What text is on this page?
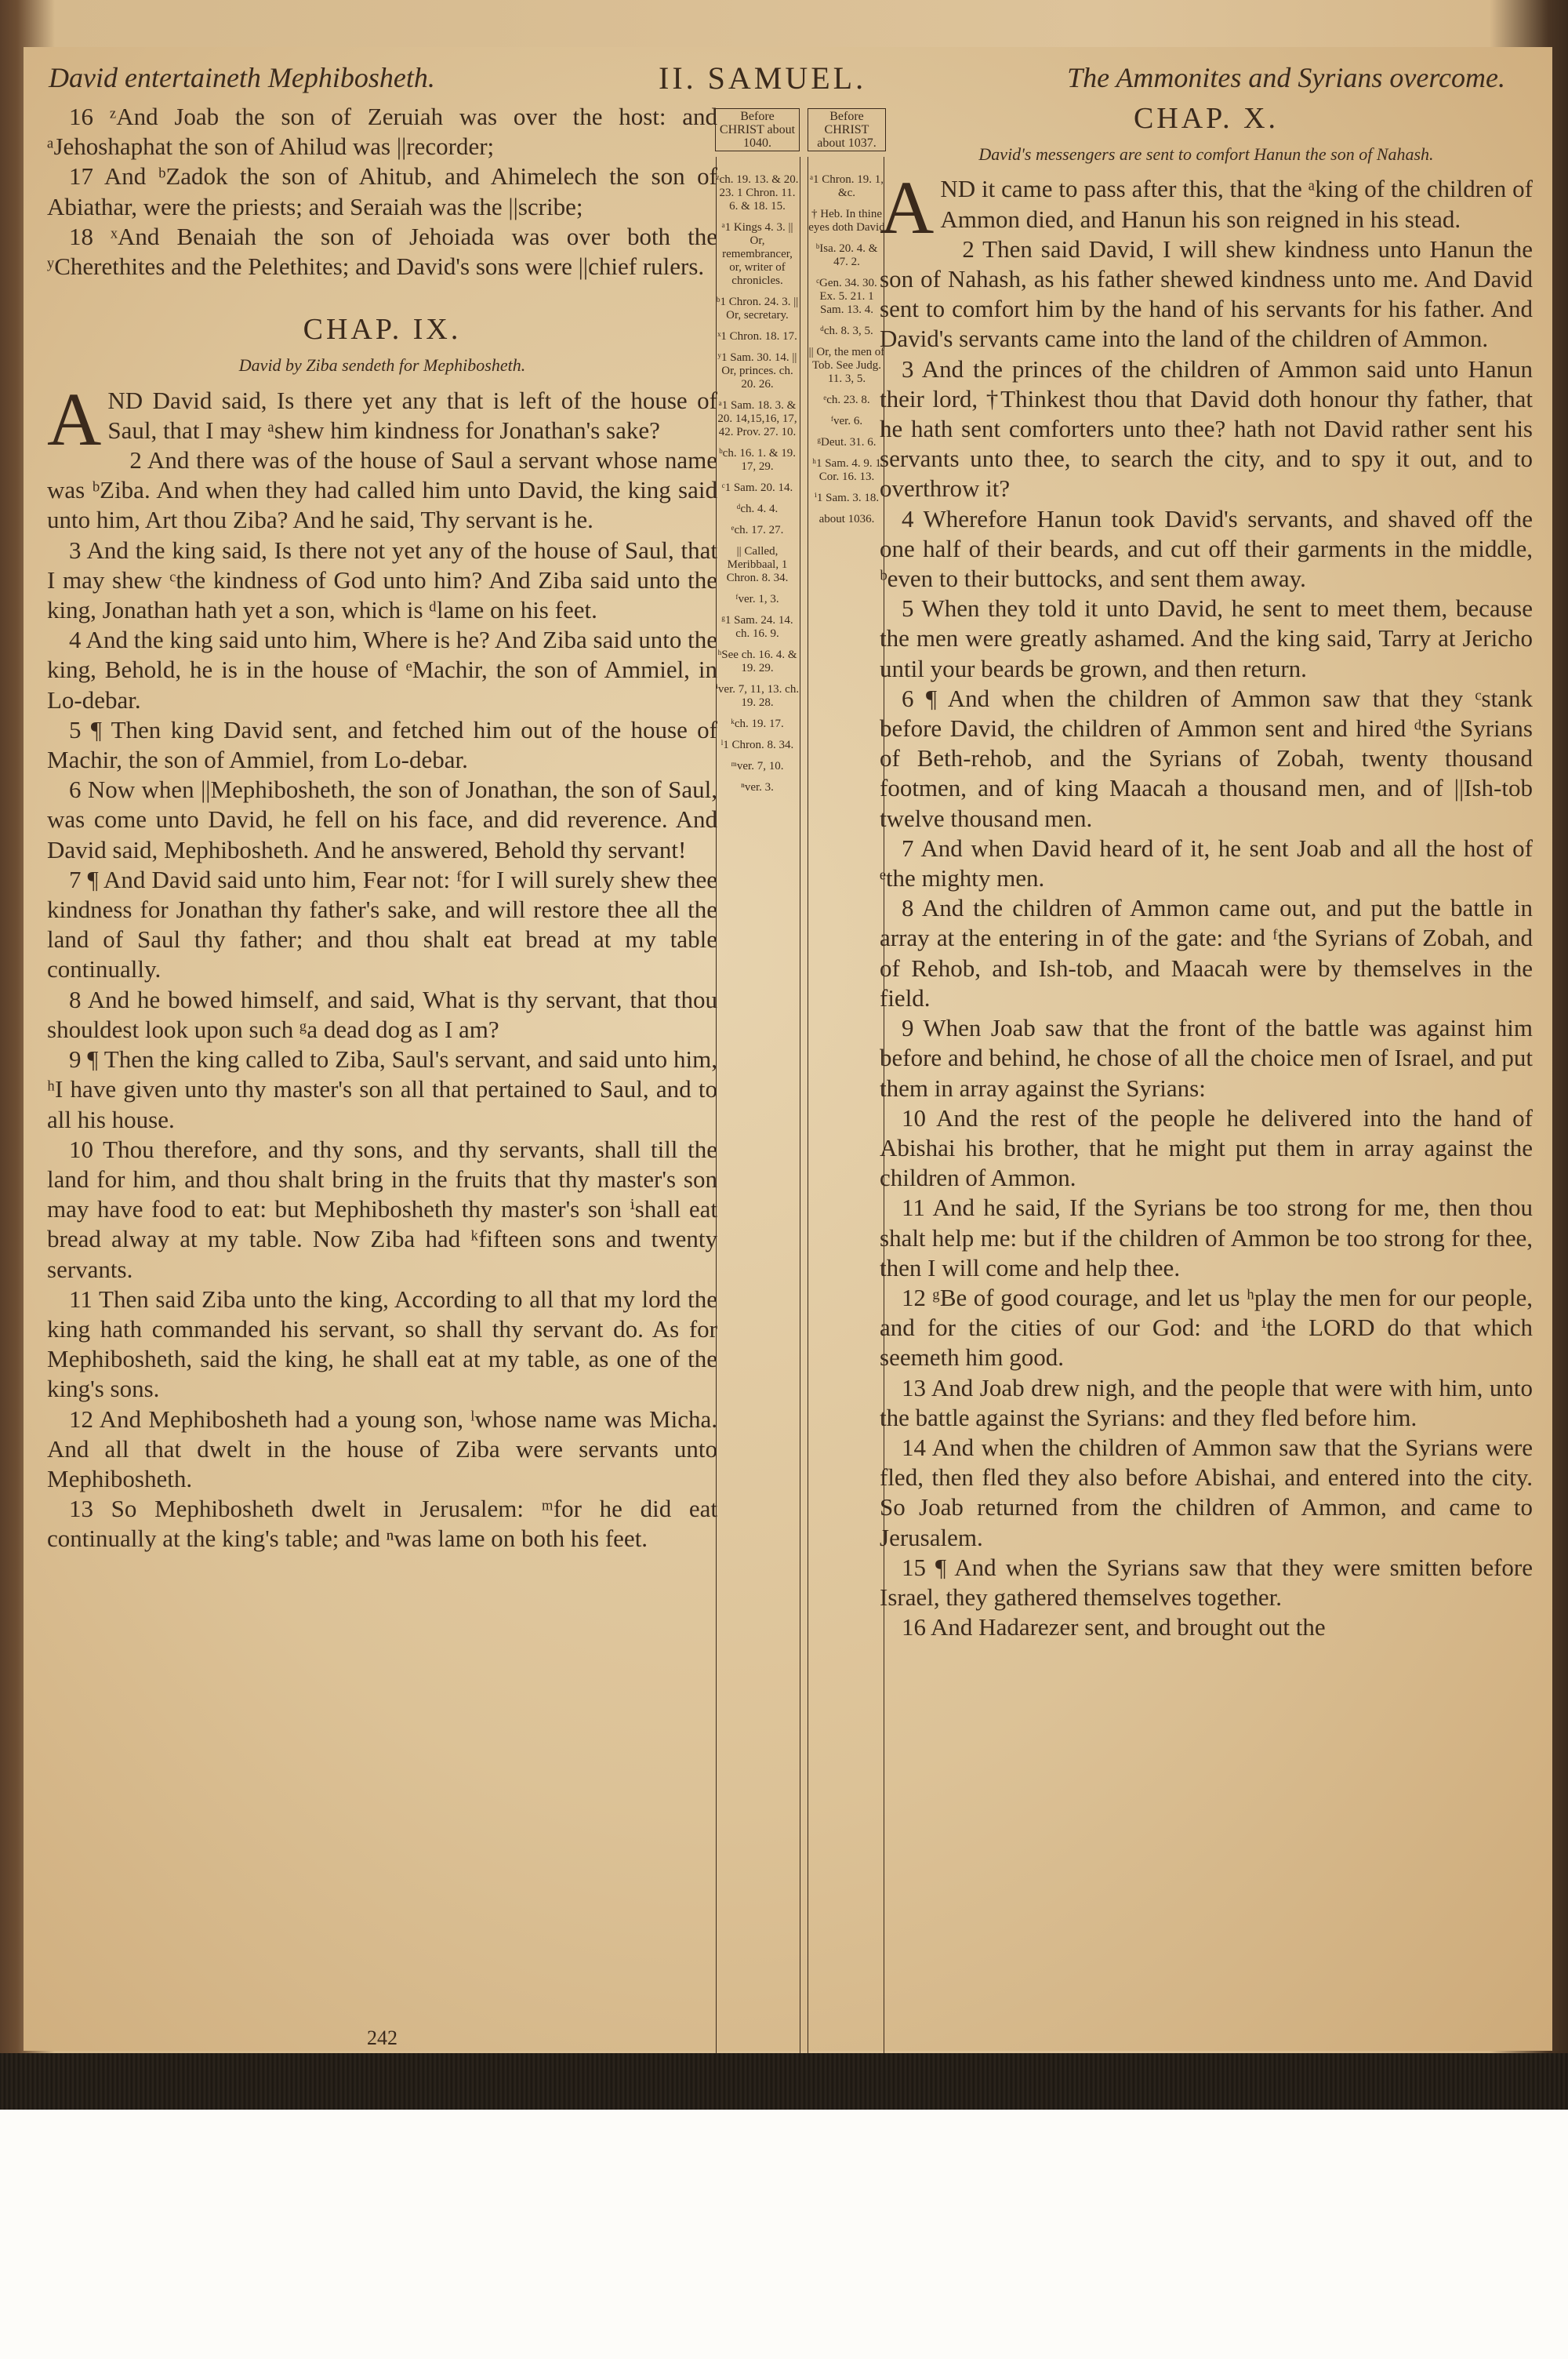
David entertaineth Mephibosheth.	II. SAMUEL.	The Ammonites and Syrians overcome.

16 ᶻAnd Joab the son of Zeruiah was over the host: and ᵃJehoshaphat the son of Ahilud was ||recorder;

17 And ᵇZadok the son of Ahitub, and Ahimelech the son of Abiathar, were the priests; and Seraiah was the ||scribe;

18 ˣAnd Benaiah the son of Jehoiada was over both the ʸCherethites and the Pelethites; and David's sons were ||chief rulers.

CHAP. IX.
David by Ziba sendeth for Mephibosheth.

AND David said, Is there yet any that is left of the house of Saul, that I may ᵃshew him kindness for Jonathan's sake?

2 And there was of the house of Saul a servant whose name was ᵇZiba. And when they had called him unto David, the king said unto him, Art thou Ziba? And he said, Thy servant is he.

3 And the king said, Is there not yet any of the house of Saul, that I may shew ᶜthe kindness of God unto him? And Ziba said unto the king, Jonathan hath yet a son, which is ᵈlame on his feet.

4 And the king said unto him, Where is he? And Ziba said unto the king, Behold, he is in the house of ᵉMachir, the son of Ammiel, in Lo-debar.

5 ¶ Then king David sent, and fetched him out of the house of Machir, the son of Ammiel, from Lo-debar.

6 Now when ||Mephibosheth, the son of Jonathan, the son of Saul, was come unto David, he fell on his face, and did reverence. And David said, Mephibosheth. And he answered, Behold thy servant!

7 ¶ And David said unto him, Fear not: ᶠfor I will surely shew thee kindness for Jonathan thy father's sake, and will restore thee all the land of Saul thy father; and thou shalt eat bread at my table continually.

8 And he bowed himself, and said, What is thy servant, that thou shouldest look upon such ᵍa dead dog as I am?

9 ¶ Then the king called to Ziba, Saul's servant, and said unto him, ʰI have given unto thy master's son all that pertained to Saul, and to all his house.

10 Thou therefore, and thy sons, and thy servants, shall till the land for him, and thou shalt bring in the fruits that thy master's son may have food to eat: but Mephibosheth thy master's son ⁱshall eat bread alway at my table. Now Ziba had ᵏfifteen sons and twenty servants.

11 Then said Ziba unto the king, According to all that my lord the king hath commanded his servant, so shall thy servant do. As for Mephibosheth, said the king, he shall eat at my table, as one of the king's sons.

12 And Mephibosheth had a young son, ˡwhose name was Micha. And all that dwelt in the house of Ziba were servants unto Mephibosheth.

13 So Mephibosheth dwelt in Jerusalem: ᵐfor he did eat continually at the king's table; and ⁿwas lame on both his feet.

Before CHRIST about 1040.
ᶻch. 19. 13. & 20. 23. 1 Chron. 11. 6. & 18. 15.
ᵃ1 Kings 4. 3. || Or, remembrancer, or, writer of chronicles.
ᵇ1 Chron. 24. 3. || Or, secretary.
ˣ1 Chron. 18. 17.
ʸ1 Sam. 30. 14. || Or, princes. ch. 20. 26.
ᵃ1 Sam. 18. 3. & 20. 14,15,16, 17, 42. Prov. 27. 10.
ᵇch. 16. 1. & 19. 17, 29.
ᶜ1 Sam. 20. 14.
ᵈch. 4. 4.
ᵉch. 17. 27.
|| Called, Meribbaal, 1 Chron. 8. 34.
ᶠver. 1, 3.
ᵍ1 Sam. 24. 14. ch. 16. 9.
ʰSee ch. 16. 4. & 19. 29.
ⁱver. 7, 11, 13. ch. 19. 28.
ᵏch. 19. 17.
ˡ1 Chron. 8. 34.
ᵐver. 7, 10.
ⁿver. 3.
Before CHRIST about 1037.
ᵃ1 Chron. 19. 1, &c.
† Heb. In thine eyes doth David
ᵇIsa. 20. 4. & 47. 2.
ᶜGen. 34. 30. Ex. 5. 21. 1 Sam. 13. 4.
ᵈch. 8. 3, 5.
|| Or, the men of Tob. See Judg. 11. 3, 5.
ᵉch. 23. 8.
ᶠver. 6.
ᵍDeut. 31. 6.
ʰ1 Sam. 4. 9. 1 Cor. 16. 13.
ⁱ1 Sam. 3. 18.
about 1036.
CHAP. X.
David's messengers are sent to comfort Hanun the son of Nahash.

AND it came to pass after this, that the ᵃking of the children of Ammon died, and Hanun his son reigned in his stead.

2 Then said David, I will shew kindness unto Hanun the son of Nahash, as his father shewed kindness unto me. And David sent to comfort him by the hand of his servants for his father. And David's servants came into the land of the children of Ammon.

3 And the princes of the children of Ammon said unto Hanun their lord, †Thinkest thou that David doth honour thy father, that he hath sent comforters unto thee? hath not David rather sent his servants unto thee, to search the city, and to spy it out, and to overthrow it?

4 Wherefore Hanun took David's servants, and shaved off the one half of their beards, and cut off their garments in the middle, ᵇeven to their buttocks, and sent them away.

5 When they told it unto David, he sent to meet them, because the men were greatly ashamed. And the king said, Tarry at Jericho until your beards be grown, and then return.

6 ¶ And when the children of Ammon saw that they ᶜstank before David, the children of Ammon sent and hired ᵈthe Syrians of Beth-rehob, and the Syrians of Zobah, twenty thousand footmen, and of king Maacah a thousand men, and of ||Ish-tob twelve thousand men.

7 And when David heard of it, he sent Joab and all the host of ᵉthe mighty men.

8 And the children of Ammon came out, and put the battle in array at the entering in of the gate: and ᶠthe Syrians of Zobah, and of Rehob, and Ish-tob, and Maacah were by themselves in the field.

9 When Joab saw that the front of the battle was against him before and behind, he chose of all the choice men of Israel, and put them in array against the Syrians:

10 And the rest of the people he delivered into the hand of Abishai his brother, that he might put them in array against the children of Ammon.

11 And he said, If the Syrians be too strong for me, then thou shalt help me: but if the children of Ammon be too strong for thee, then I will come and help thee.

12 ᵍBe of good courage, and let us ʰplay the men for our people, and for the cities of our God: and ⁱthe LORD do that which seemeth him good.

13 And Joab drew nigh, and the people that were with him, unto the battle against the Syrians: and they fled before him.

14 And when the children of Ammon saw that the Syrians were fled, then fled they also before Abishai, and entered into the city. So Joab returned from the children of Ammon, and came to Jerusalem.

15 ¶ And when the Syrians saw that they were smitten before Israel, they gathered themselves together.

16 And Hadarezer sent, and brought out the

242
